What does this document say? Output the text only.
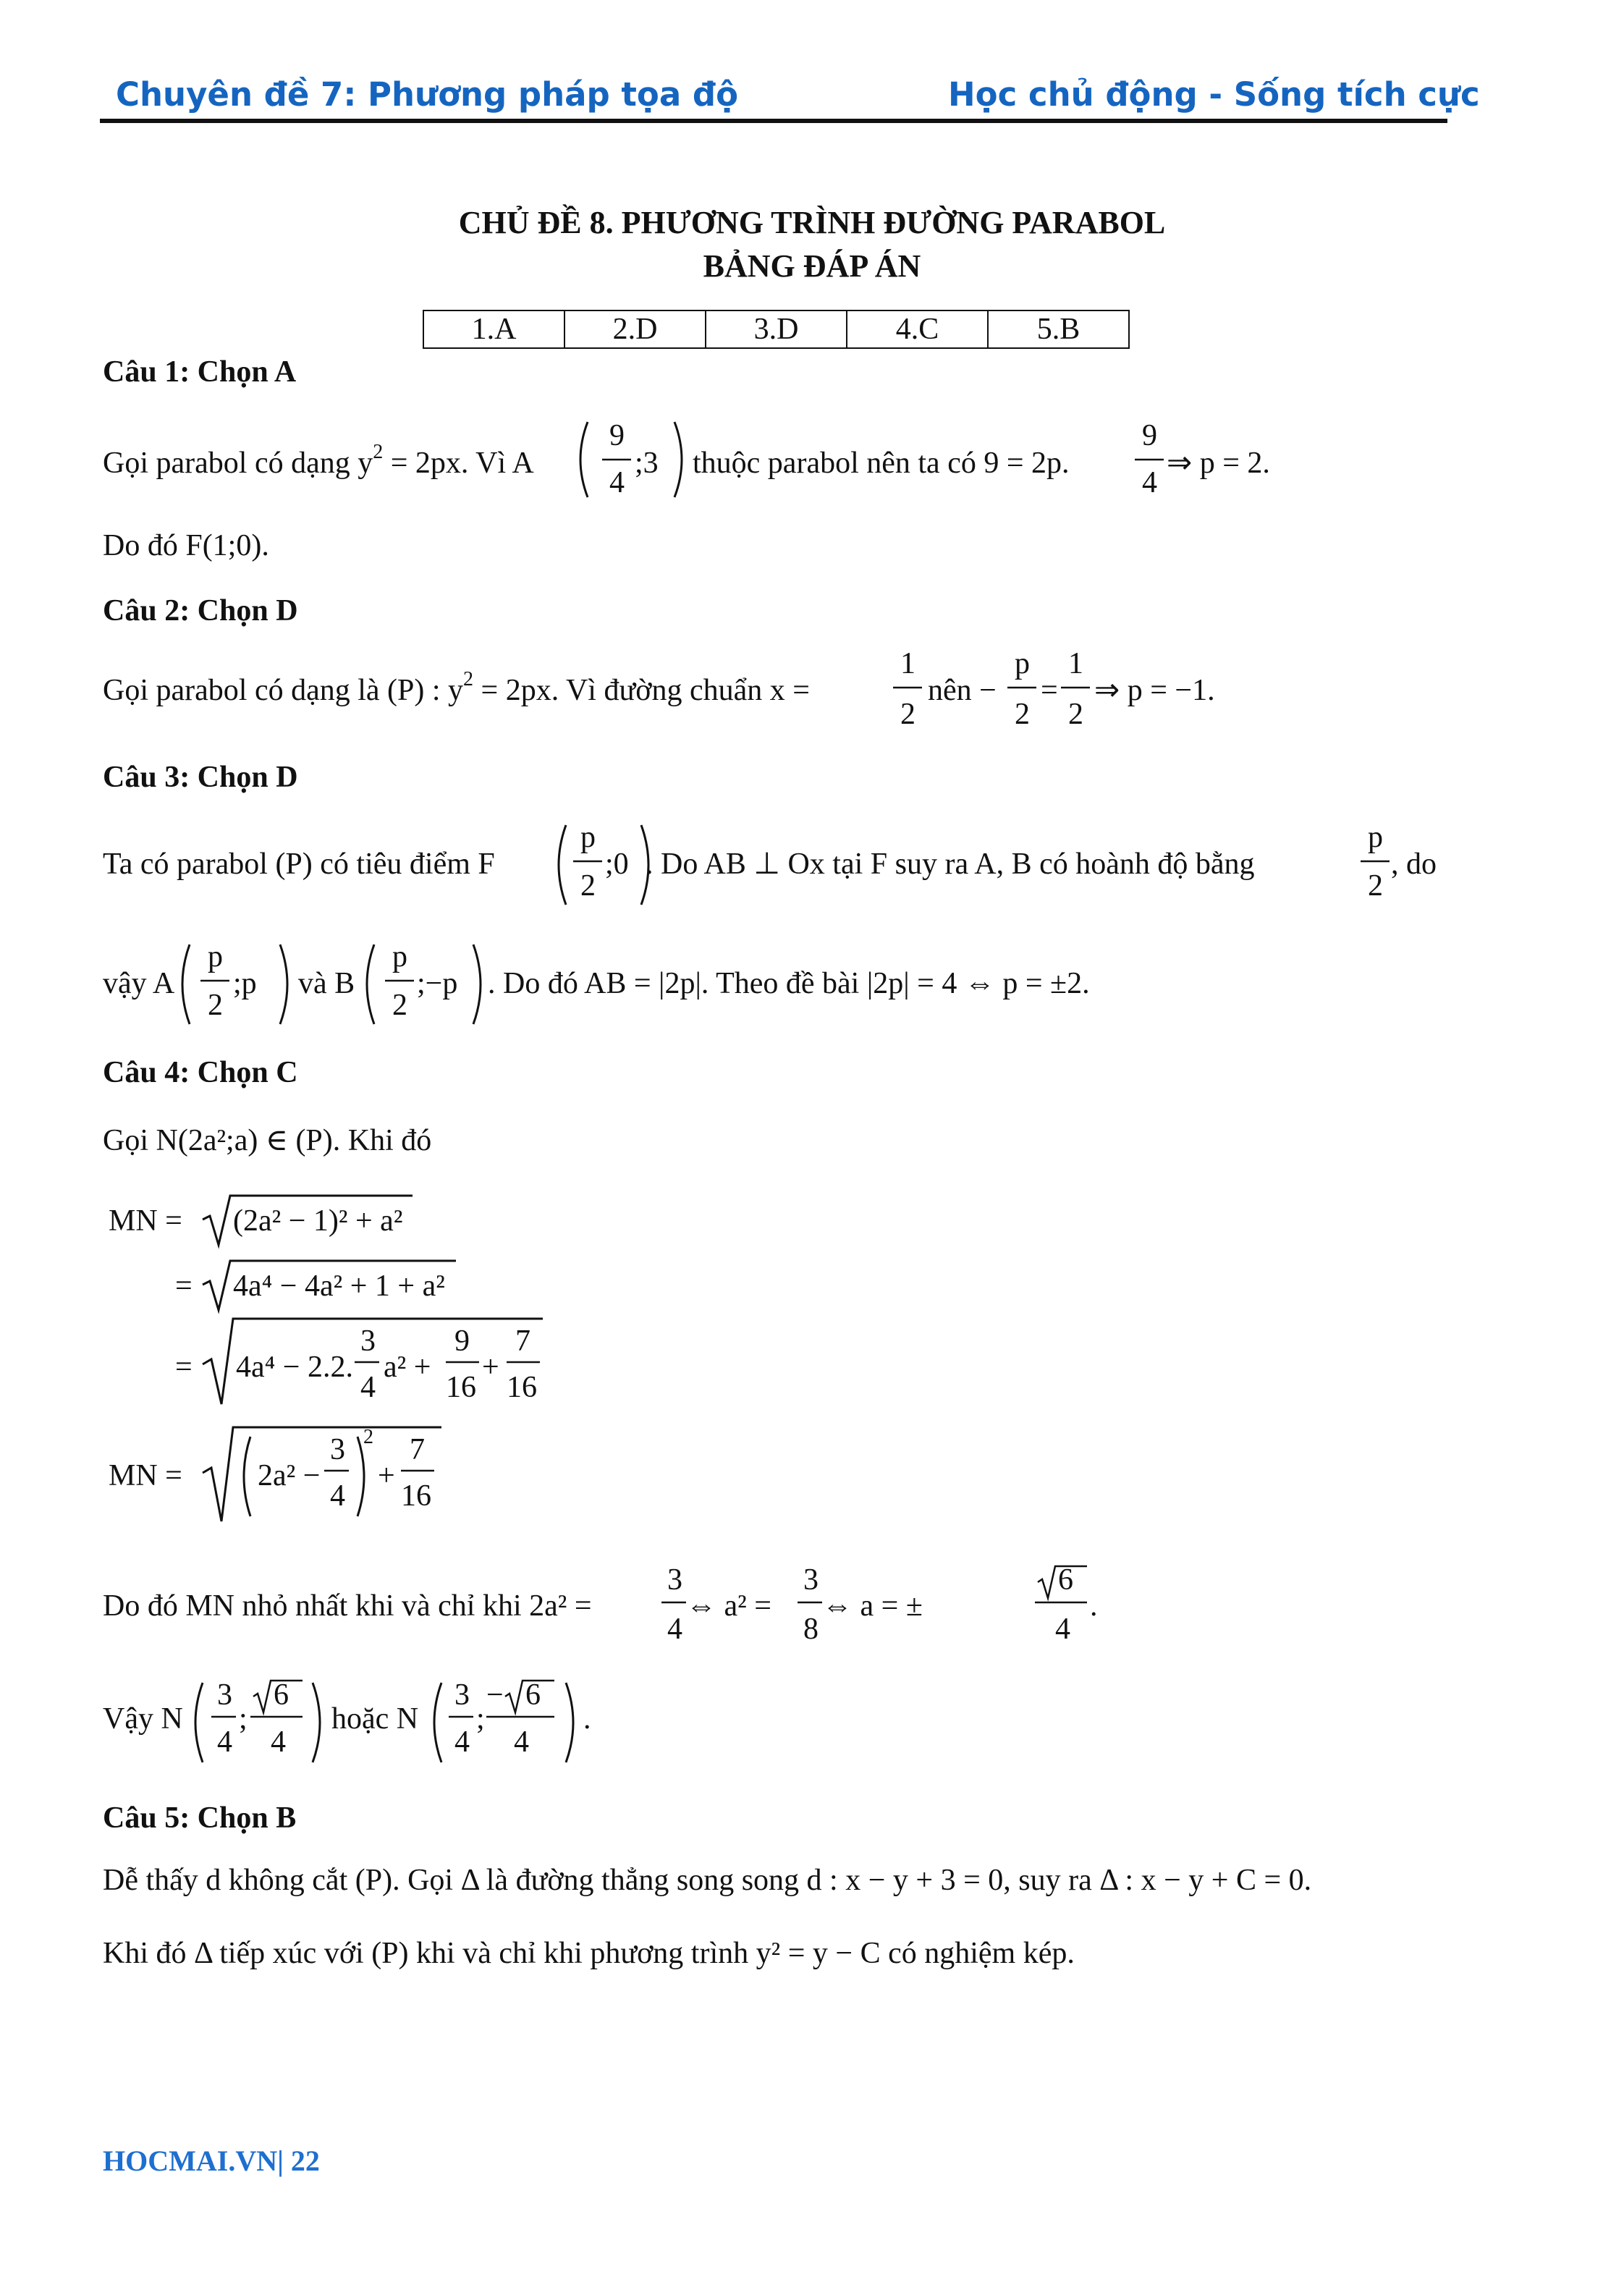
Chuyên đề 7: Phương pháp tọa độ	Học chủ động - Sống tích cực
CHỦ ĐỀ 8. PHƯƠNG TRÌNH ĐƯỜNG PARABOL
BẢNG ĐÁP ÁN
1.A	2.D	3.D	4.C	5.B
Câu 1: Chọn A
Gọi parabol có dạng $y^2 = 2px$. Vì A
9
4
;3 thuộc parabol nên ta có 9 = 2p.
9
4
⇒ p = 2.
Do đó F(1;0).
Câu 2: Chọn D
Gọi parabol có dạng là (P) : $y^2 = 2px$. Vì đường chuẩn x =
1
2
nên −
p
2
=
1
2
⇒ p = −1.
Câu 3: Chọn D
Ta có parabol (P) có tiêu điểm F
p
2
;0 . Do AB ⊥ Ox tại F suy ra A, B có hoành độ bằng
p
2
, do
vậy A
p
2
;p và B
p
2
;−p . Do đó AB = |2p|. Theo đề bài |2p| = 4 ⇔ p = ±2.
Câu 4: Chọn C
Gọi N(2a²;a) ∈ (P). Khi đó
MN = (2a² − 1)² + a²
= 4a⁴ − 4a² + 1 + a²
= 4a⁴ − 2.2.
3
4
a² +
9
16
+
7
16
MN = 2a² −
3
4
2
+
7
16
Do đó MN nhỏ nhất khi và chỉ khi 2a² =
3
4
⇔ a² =
3
8
⇔ a = ±
6
4
.
Vậy N
3
4
;
6
4
hoặc N
3
4
;
− 6
4
.
Câu 5: Chọn B
Dễ thấy d không cắt (P). Gọi Δ là đường thẳng song song d : x − y + 3 = 0, suy ra Δ : x − y + C = 0.
Khi đó Δ tiếp xúc với (P) khi và chỉ khi phương trình y² = y − C có nghiệm kép.
HOCMAI.VN| 22
